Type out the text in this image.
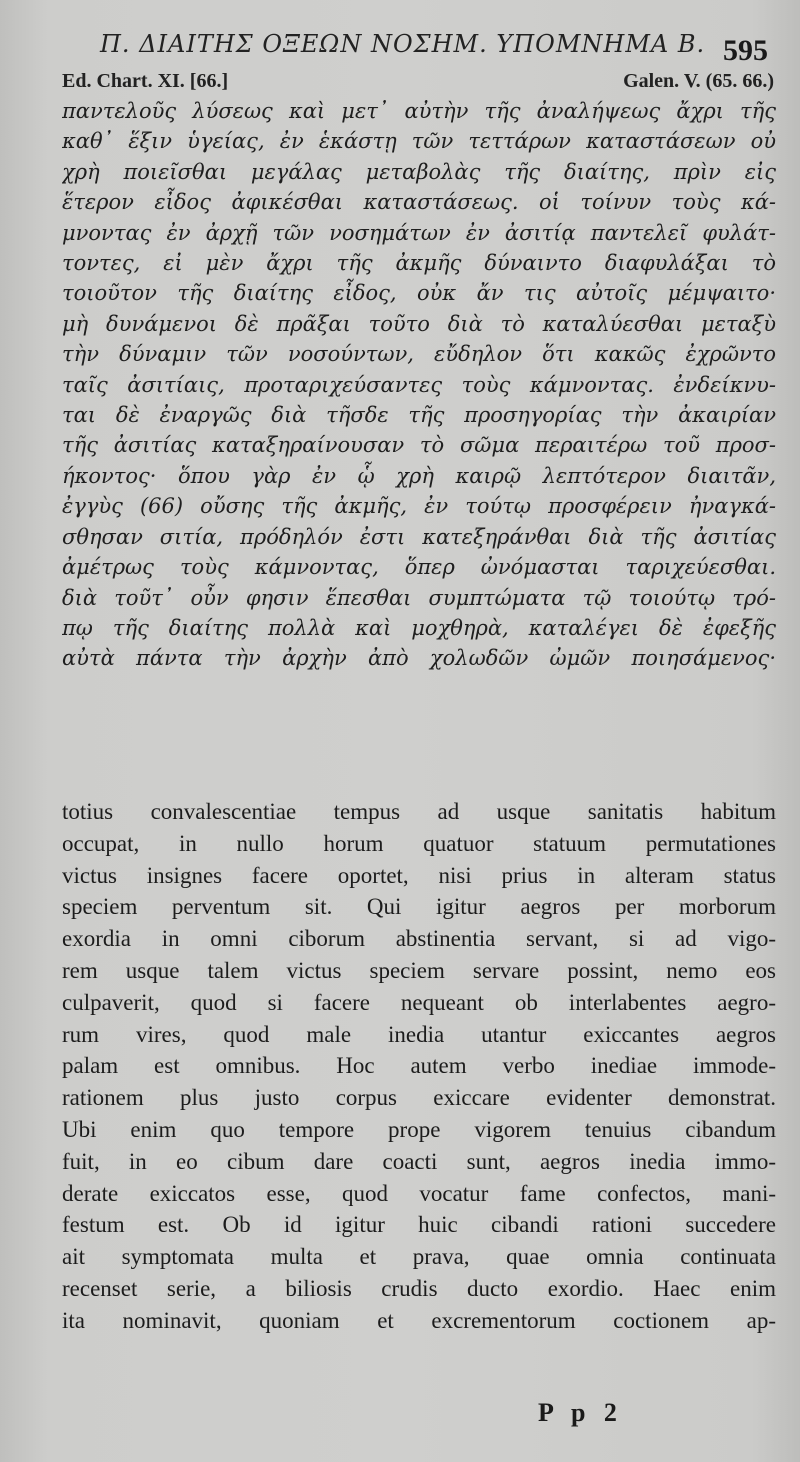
Π. ΔΙΑΙΤΗΣ ΟΞΕΩΝ ΝΟΣΗΜ. ΥΠΟΜΝΗΜΑ Β. 595
Ed. Chart. XI. [66.]	Galen. V. (65. 66.)
παντελοῦς λύσεως καὶ μετ᾽ αὐτὴν τῆς ἀναλήψεως ἄχρι τῆς
καθ᾽ ἕξιν ὑγείας, ἐν ἑκάστῃ τῶν τεττάρων καταστάσεων οὐ
χρὴ ποιεῖσθαι μεγάλας μεταβολὰς τῆς διαίτης, πρὶν εἰς
ἕτερον εἶδος ἀφικέσθαι καταστάσεως. οἱ τοίνυν τοὺς κά-
μνοντας ἐν ἀρχῇ τῶν νοσημάτων ἐν ἀσιτίᾳ παντελεῖ φυλάτ-
τοντες, εἰ μὲν ἄχρι τῆς ἀκμῆς δύναιντο διαφυλάξαι τὸ
τοιοῦτον τῆς διαίτης εἶδος, οὐκ ἄν τις αὐτοῖς μέμψαιτο·
μὴ δυνάμενοι δὲ πρᾶξαι τοῦτο διὰ τὸ καταλύεσθαι μεταξὺ
τὴν δύναμιν τῶν νοσούντων, εὔδηλον ὅτι κακῶς ἐχρῶντο
ταῖς ἀσιτίαις, προταριχεύσαντες τοὺς κάμνοντας. ἐνδείκνυ-
ται δὲ ἐναργῶς διὰ τῆσδε τῆς προσηγορίας τὴν ἀκαιρίαν
τῆς ἀσιτίας καταξηραίνουσαν τὸ σῶμα περαιτέρω τοῦ προσ-
ήκοντος· ὅπου γὰρ ἐν ᾧ χρὴ καιρῷ λεπτότερον διαιτᾶν,
ἐγγὺς (66) οὔσης τῆς ἀκμῆς, ἐν τούτῳ προσφέρειν ἠναγκά-
σθησαν σιτία, πρόδηλόν ἐστι κατεξηράνθαι διὰ τῆς ἀσιτίας
ἀμέτρως τοὺς κάμνοντας, ὅπερ ὠνόμασται ταριχεύεσθαι.
διὰ τοῦτ᾽ οὖν φησιν ἕπεσθαι συμπτώματα τῷ τοιούτῳ τρό-
πῳ τῆς διαίτης πολλὰ καὶ μοχθηρὰ, καταλέγει δὲ ἐφεξῆς
αὐτὰ πάντα τὴν ἀρχὴν ἀπὸ χολωδῶν ὠμῶν ποιησάμενος·
totius convalescentiae tempus ad usque sanitatis habitum
occupat, in nullo horum quatuor statuum permutationes
victus insignes facere oportet, nisi prius in alteram status
speciem perventum sit. Qui igitur aegros per morborum
exordia in omni ciborum abstinentia servant, si ad vigo-
rem usque talem victus speciem servare possint, nemo eos
culpaverit, quod si facere nequeant ob interlabentes aegro-
rum vires, quod male inedia utantur exiccantes aegros
palam est omnibus. Hoc autem verbo inediae immode-
rationem plus justo corpus exiccare evidenter demonstrat.
Ubi enim quo tempore prope vigorem tenuius cibandum
fuit, in eo cibum dare coacti sunt, aegros inedia immo-
derate exiccatos esse, quod vocatur fame confectos, mani-
festum est. Ob id igitur huic cibandi rationi succedere
ait symptomata multa et prava, quae omnia continuata
recenset serie, a biliosis crudis ducto exordio. Haec enim
ita nominavit, quoniam et excrementorum coctionem ap-
P p 2
